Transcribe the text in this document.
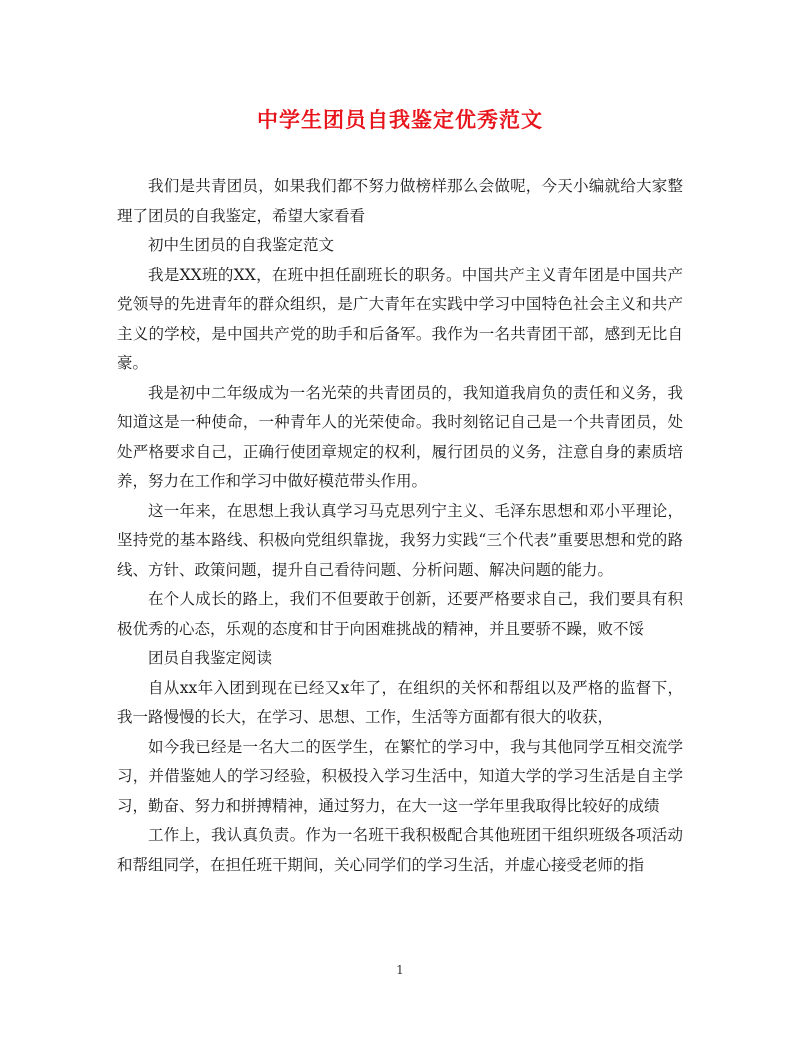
中学生团员自我鉴定优秀范文

我们是共青团员，如果我们都不努力做榜样那么会做呢，今天小编就给大家整理了团员的自我鉴定，希望大家看看

初中生团员的自我鉴定范文

我是XX班的XX，在班中担任副班长的职务。中国共产主义青年团是中国共产党领导的先进青年的群众组织，是广大青年在实践中学习中国特色社会主义和共产主义的学校，是中国共产党的助手和后备军。我作为一名共青团干部，感到无比自豪。

我是初中二年级成为一名光荣的共青团员的，我知道我肩负的责任和义务，我知道这是一种使命，一种青年人的光荣使命。我时刻铭记自己是一个共青团员，处处严格要求自己，正确行使团章规定的权利，履行团员的义务，注意自身的素质培养，努力在工作和学习中做好模范带头作用。

这一年来，在思想上我认真学习马克思列宁主义、毛泽东思想和邓小平理论，坚持党的基本路线、积极向党组织靠拢，我努力实践“三个代表”重要思想和党的路线、方针、政策问题，提升自己看待问题、分析问题、解决问题的能力。

在个人成长的路上，我们不但要敢于创新，还要严格要求自己，我们要具有积极优秀的心态，乐观的态度和甘于向困难挑战的精神，并且要骄不躁，败不馁

团员自我鉴定阅读

自从xx年入团到现在已经又x年了，在组织的关怀和帮组以及严格的监督下，我一路慢慢的长大，在学习、思想、工作，生活等方面都有很大的收获，

如今我已经是一名大二的医学生，在繁忙的学习中，我与其他同学互相交流学习，并借鉴她人的学习经验，积极投入学习生活中，知道大学的学习生活是自主学习，勤奋、努力和拼搏精神，通过努力，在大一这一学年里我取得比较好的成绩

工作上，我认真负责。作为一名班干我积极配合其他班团干组织班级各项活动和帮组同学，在担任班干期间，关心同学们的学习生活，并虚心接受老师的指

1
